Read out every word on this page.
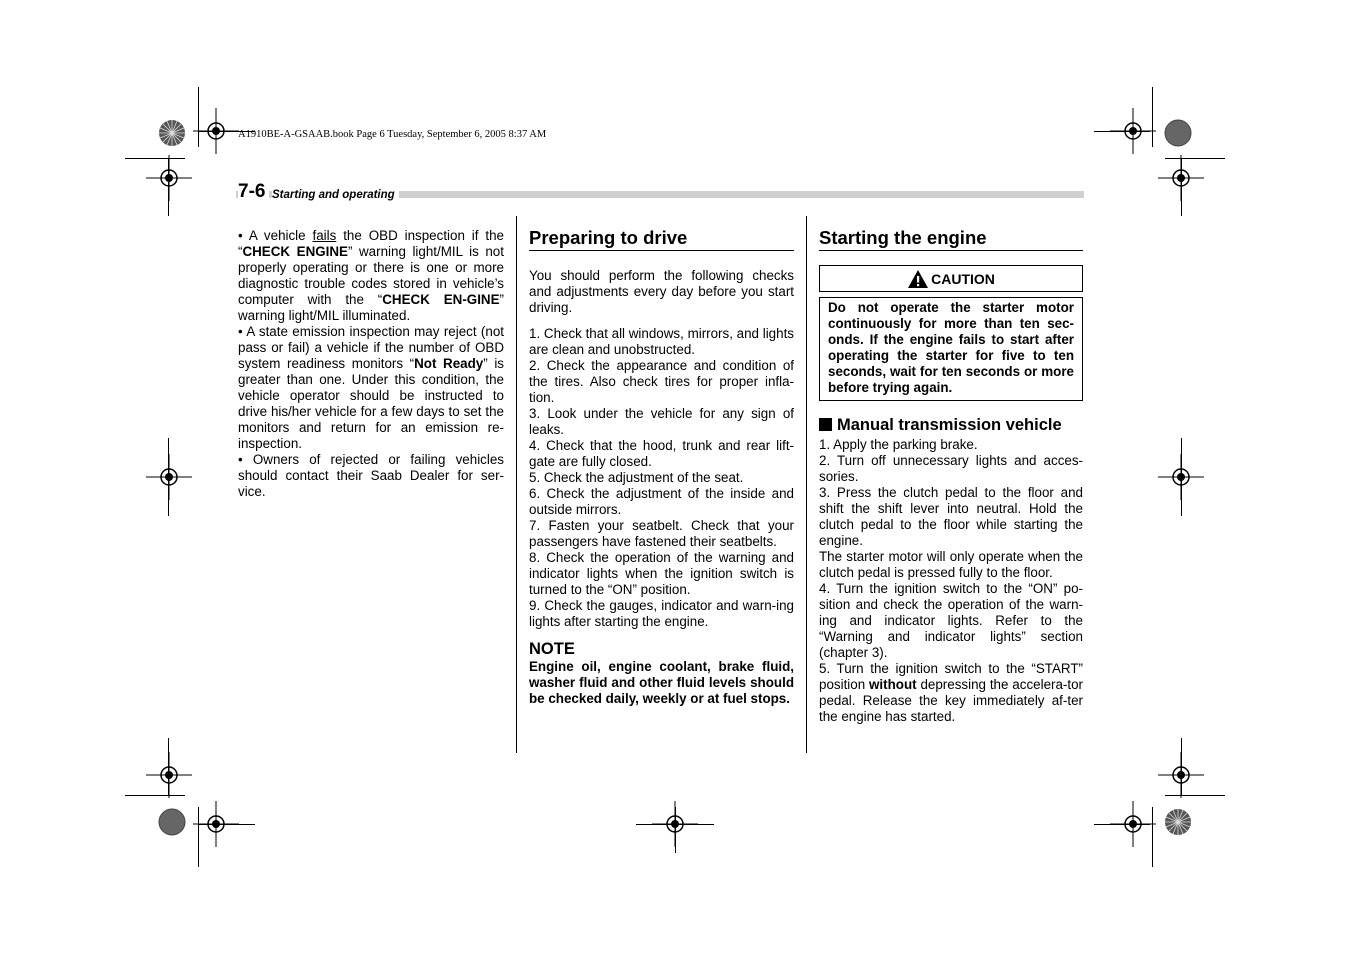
A1910BE-A-GSAAB.book Page 6 Tuesday, September 6, 2005 8:37 AM
7-6 Starting and operating

• A vehicle fails the OBD inspection if the “CHECK ENGINE” warning light/MIL is not properly operating or there is one or more diagnostic trouble codes stored in vehicle’s computer with the “CHECK EN-GINE” warning light/MIL illuminated.

• A state emission inspection may reject (not pass or fail) a vehicle if the number of OBD system readiness monitors “Not Ready” is greater than one. Under this condition, the vehicle operator should be instructed to drive his/her vehicle for a few days to set the monitors and return for an emission re-inspection.

• Owners of rejected or failing vehicles should contact their Saab Dealer for ser-vice.

Preparing to drive

You should perform the following checks and adjustments every day before you start driving.

1. Check that all windows, mirrors, and lights are clean and unobstructed.

2. Check the appearance and condition of the tires. Also check tires for proper infla-tion.

3. Look under the vehicle for any sign of leaks.

4. Check that the hood, trunk and rear lift-gate are fully closed.

5. Check the adjustment of the seat.

6. Check the adjustment of the inside and outside mirrors.

7. Fasten your seatbelt. Check that your passengers have fastened their seatbelts.

8. Check the operation of the warning and indicator lights when the ignition switch is turned to the “ON” position.

9. Check the gauges, indicator and warn-ing lights after starting the engine.

NOTE

Engine oil, engine coolant, brake fluid, washer fluid and other fluid levels should be checked daily, weekly or at fuel stops.

Starting the engine
CAUTION

Do not operate the starter motor continuously for more than ten sec-onds. If the engine fails to start after operating the starter for five to ten seconds, wait for ten seconds or more before trying again.

Manual transmission vehicle

1. Apply the parking brake.

2. Turn off unnecessary lights and acces-sories.

3. Press the clutch pedal to the floor and shift the shift lever into neutral. Hold the clutch pedal to the floor while starting the engine.

The starter motor will only operate when the clutch pedal is pressed fully to the floor.

4. Turn the ignition switch to the “ON” po-sition and check the operation of the warn-ing and indicator lights. Refer to the “Warning and indicator lights” section (chapter 3).

5. Turn the ignition switch to the “START” position without depressing the accelera-tor pedal. Release the key immediately af-ter the engine has started.
